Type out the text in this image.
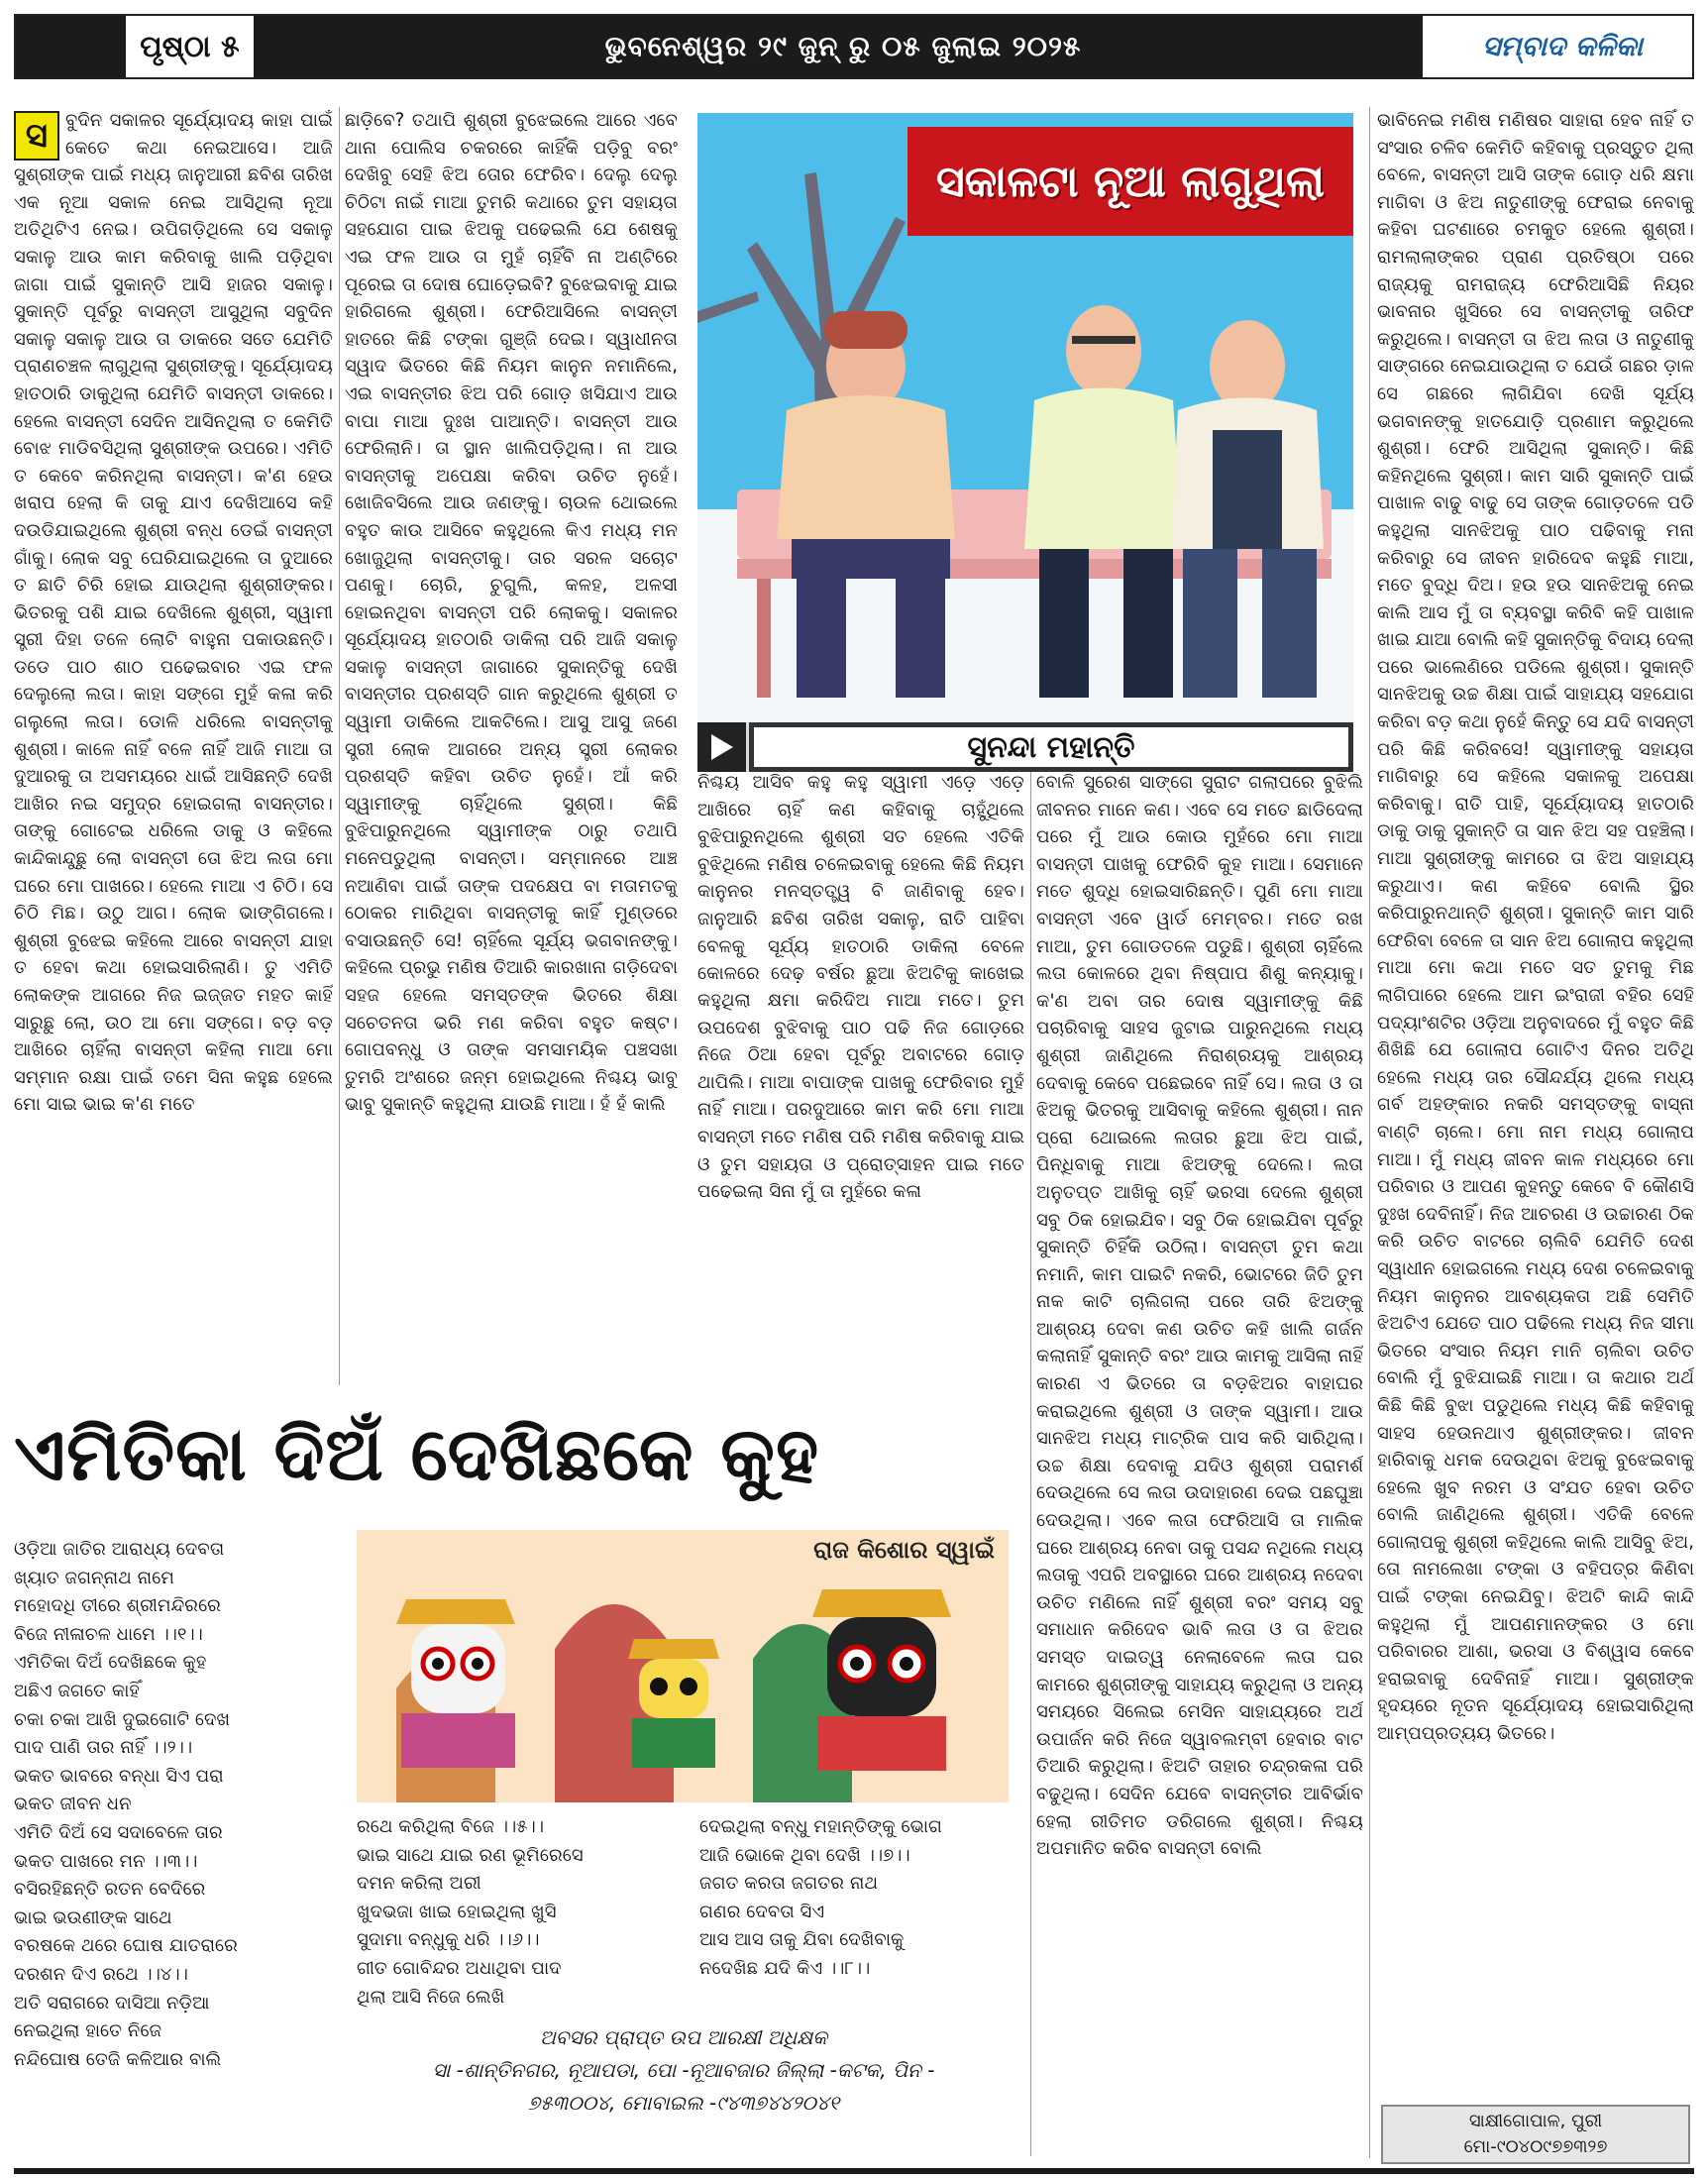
ପୃଷ୍ଠା ୫	ଭୁବନେଶ୍ୱର ୨୯ ଜୁନ୍ ରୁ ୦୫ ଜୁଲାଇ ୨୦୨୫	ସମ୍ବାଦ କଳିକା
ସ ବୁଦିନ ସକାଳର ସୂର୍ଯ୍ୟୋଦୟ କାହା ପାଇଁ କେତେ କଥା ନେଇଆସେ। ଆଜି ସୁଶ୍ରୀଙ୍କ ପାଇଁ ମଧ୍ୟ ଜାନୁଆରୀ ଛବିଶ ତାରିଖ ଏକ ନୂଆ ସକାଳ ନେଇ ଆସିଥିଲା ନୂଆ ଅତିଥିଟିଏ ନେଇ। ଉପିଗଡ଼ିଥିଲେ ସେ ସକାଳୁ ସକାଳୁ ଆଉ କାମ କରିବାକୁ ଖାଲି ପଡ଼ିଥିବା ଜାଗା ପାଇଁ ସୁକାନ୍ତି ଆସି ହାଜର ସକାଳୁ। ସୁକାନ୍ତି ପୂର୍ବରୁ ବାସନ୍ତୀ ଆସୁଥିଲା ସବୁଦିନ ସକାଳୁ ସକାଳୁ ଆଉ ତା ଡାକରେ ସତେ ଯେମିତି ପ୍ରାଣଚଞ୍ଚଳ ଲାଗୁଥିଲା ସୁଶ୍ରୀଙ୍କୁ। ସୂର୍ଯ୍ୟୋଦୟ ହାତଠାରି ଡାକୁଥିଲା ଯେମିତି ବାସନ୍ତୀ ଡାକରେ। ହେଲେ ବାସନ୍ତୀ ସେଦିନ ଆସିନଥିଲା ତ କେମିତି ବୋଝ ମାଡିବସିଥିଲା ସୁଶ୍ରୀଙ୍କ ଉପରେ। ଏମିତି ତ କେବେ କରିନଥିଲା ବାସନ୍ତୀ। କ'ଣ ହେଉ ଖରାପ ହେଲା କି ତାକୁ ଯାଏ ଦେଖିଆସେ କହି ଦଉଡିଯାଇଥିଲେ ଶୁଶ୍ରୀ ବନ୍ଧ ଡେଇଁ ବାସନ୍ତୀ ଗାଁକୁ। ଲୋକ ସବୁ ଘେରିଯାଇଥିଲେ ତା ଦୁଆରେ ତ ଛାତି ଚିରି ହୋଇ ଯାଉଥିଲା ଶୁଶ୍ରୀଙ୍କର। ଭିତରକୁ ପଶି ଯାଇ ଦେଖିଲେ ଶୁଶ୍ରୀ, ସ୍ୱାମୀ ସ୍ତ୍ରୀ ଦିହା ତଳେ ଲୋଟି ବାହୁନା ପକାଉଛନ୍ତି। ଡଡେ ପାଠ ଶାଠ ପଢେଇବାର ଏଇ ଫଳ ଦେଲୁଲୋ ଲତା। କାହା ସଙ୍ଗେ ମୁହଁ କଳା କରି ଗଲୁଲୋ ଲତା। ଡୋଳି ଧରିଲେ ବାସନ୍ତୀକୁ ଶୁଶ୍ରୀ। କାଳେ ନାହିଁ ବଳେ ନାହିଁ ଆଜି ମାଆ ତା ଦୁଆରକୁ ତା ଅସମୟରେ ଧାଇଁ ଆସିଛନ୍ତି ଦେଖି ଆଖିର ନଇ ସମୁଦ୍ର ହୋଇଗଲା ବାସନ୍ତୀର। ତାଙ୍କୁ ଗୋଟେଇ ଧରିଲେ ଡାକୁ ଓ କହିଲେ କାନ୍ଦିକାନ୍ଦୁଛୁ ଲୋ ବାସନ୍ତୀ ତୋ ଝିଅ ଲତା ମୋ ଘରେ ମୋ ପାଖରେ। ହେଲେ ମାଆ ଏ ଚିଠି। ସେ ଚିଠି ମିଛ। ଉଠୁ ଆଗ। ଲୋକ ଭାଙ୍ଗିଗଲେ। ଶୁଶ୍ରୀ ବୁଝେଇ କହିଲେ ଆରେ ବାସନ୍ତୀ ଯାହା ତ ହେବା କଥା ହୋଇସାରିଲାଣି। ତୁ ଏମିତି ଲୋକଙ୍କ ଆଗରେ ନିଜ ଇଜ୍ଜତ ମହତ କାହିଁ ସାରୁଛୁ ଲୋ, ଉଠ ଆ ମୋ ସଙ୍ଗେ। ବଡ଼ ବଡ଼ ଆଖିରେ ଚାହିଁଲା ବାସନ୍ତୀ କହିଲା ମାଆ ମୋ ସମ୍ମାନ ରକ୍ଷା ପାଇଁ ତମେ ସିନା କହୁଛ ହେଲେ ମୋ ସାଇ ଭାଇ କ'ଣ ମତେ
ଛାଡ଼ିବେ? ତଥାପି ଶୁଶ୍ରୀ ବୁଝେଇଲେ ଆରେ ଏବେ ଥାନା ପୋଲିସ ଚକରରେ କାହିଁକି ପଡ଼ିବୁ ବରଂ ଦେଖିବୁ ସେହି ଝିଅ ତୋର ଫେରିବ। ଦେଲୁ ଦେଲୁ ଚିଠିଟା ନାଇଁ ମାଆ ତୁମରି କଥାରେ ତୁମ ସହାୟତା ସହଯୋଗ ପାଇ ଝିଅକୁ ପଢେଇଲି ଯେ ଶେଷକୁ ଏଇ ଫଳ ଆଉ ତା ମୁହଁ ଚାହିଁବି ନା ଅଣ୍ଟିରେ ପୂରେଇ ତା ଦୋଷ ଘୋଡ଼େଇବି? ବୁଝେଇବାକୁ ଯାଇ ହାରିଗଲେ ଶୁଶ୍ରୀ। ଫେରିଆସିଲେ ବାସନ୍ତୀ ହାତରେ କିଛି ଟଙ୍କା ଗୁଞ୍ଜି ଦେଇ। ସ୍ୱାଧୀନତା ସ୍ୱାଦ ଭିତରେ କିଛି ନିୟମ କାନୁନ ନମାନିଲେ, ଏଇ ବାସନ୍ତୀର ଝିଅ ପରି ଗୋଡ଼ ଖସିଯାଏ ଆଉ ବାପା ମାଆ ଦୁଃଖ ପାଆନ୍ତି। ବାସନ୍ତୀ ଆଉ ଫେରିଲାନି। ତା ସ୍ଥାନ ଖାଲିପଡ଼ିଥିଲା। ନା ଆଉ ବାସନ୍ତୀକୁ ଅପେକ୍ଷା କରିବା ଉଚିତ ନୁହେଁ। ଖୋଜିବସିଲେ ଆଉ ଜଣଙ୍କୁ। ଚାଉଳ ଥୋଇଲେ ବହୁତ କାଉ ଆସିବେ କହୁଥିଲେ କିଏ ମଧ୍ୟ ମନ ଖୋଜୁଥିଲା ବାସନ୍ତୀକୁ। ତାର ସରଳ ସଚୋଟ ପଣକୁ। ଚୋରି, ଚୁଗୁଲି, କଳହ, ଅଳସୀ ହୋଇନଥିବା ବାସନ୍ତୀ ପରି ଲୋକକୁ। ସକାଳର ସୂର୍ଯ୍ୟୋଦୟ ହାତଠାରି ଡାକିଲା ପରି ଆଜି ସକାଳୁ ସକାଳୁ ବାସନ୍ତୀ ଜାଗାରେ ସୁକାନ୍ତିକୁ ଦେଖି ବାସନ୍ତୀର ପ୍ରଶସ୍ତି ଗାନ କରୁଥିଲେ ଶୁଶ୍ରୀ ତ ସ୍ୱାମୀ ଡାକିଲେ ଆକଟିଲେ। ଆସୁ ଆସୁ ଜଣେ ସ୍ତ୍ରୀ ଲୋକ ଆଗରେ ଅନ୍ୟ ସ୍ତ୍ରୀ ଲୋକର ପ୍ରଶସ୍ତି କହିବା ଉଚିତ ନୁହେଁ। ଆଁ କରି ସ୍ୱାମୀଙ୍କୁ ଚାହିଁଥିଲେ ସୁଶ୍ରୀ। କିଛି ବୁଝିପାରୁନଥିଲେ ସ୍ୱାମୀଙ୍କ ଠାରୁ ତଥାପି ମନେପଡୁଥିଲା ବାସନ୍ତୀ। ସମ୍ମାନରେ ଆଞ୍ଚ ନଆଣିବା ପାଇଁ ତାଙ୍କ ପଦକ୍ଷେପ ବା ମତାମତକୁ ଠୋକର ମାରିଥିବା ବାସନ୍ତୀକୁ କାହିଁ ମୁଣ୍ଡରେ ବସାଉଛନ୍ତି ସେ! ଚାହିଁଲେ ସୂର୍ଯ୍ୟ ଭଗବାନଙ୍କୁ। କହିଲେ ପ୍ରଭୁ ମଣିଷ ତିଆରି କାରଖାନା ଗଡ଼ିଦେବା ସହଜ ହେଲେ ସମସ୍ତଙ୍କ ଭିତରେ ଶିକ୍ଷା ସଚେତନତା ଭରି ମଣ କରିବା ବହୁତ କଷ୍ଟ। ଗୋପବନ୍ଧୁ ଓ ତାଙ୍କ ସମସାମୟିକ ପଞ୍ଚସଖା ତୁମରି ଅଂଶରେ ଜନ୍ମ ହୋଇଥିଲେ ନିଶ୍ଚୟ ଭାବୁ ଭାବୁ ସୁକାନ୍ତି କହୁଥିଲା ଯାଉଛି ମାଆ। ହଁ ହଁ କାଲି
ସକାଳଟା ନୂଆ ଲାଗୁଥିଲା
ସୁନନ୍ଦା ମହାନ୍ତି
ନିଶ୍ଚୟ ଆସିବ କହୁ କହୁ ସ୍ୱାମୀ ଏଡ଼େ ଏଡ଼େ ଆଖିରେ ଚାହିଁ କଣ କହିବାକୁ ଚାହୁଁଥିଲେ ବୁଝିପାରୁନଥିଲେ ଶୁଶ୍ରୀ ସତ ହେଲେ ଏତିକି ବୁଝିଥିଲେ ମଣିଷ ଚଳେଇବାକୁ ହେଲେ କିଛି ନିୟମ କାନୁନର ମନସ୍ତତ୍ତ୍ୱ ବି ଜାଣିବାକୁ ହେବ। ଜାନୁଆରି ଛବିଶ ତାରିଖ ସକାଳୁ, ରାତି ପାହିବା ବେଳକୁ ସୂର୍ଯ୍ୟ ହାତଠାରି ଡାକିଲା ବେଳେ କୋଳରେ ଦେଢ଼ ବର୍ଷର ଛୁଆ ଝିଅଟିକୁ କାଖେଇ
କହୁଥିଲା କ୍ଷମା କରିଦିଅ ମାଆ ମତେ। ତୁମ ଉପଦେଶ ବୁଝିବାକୁ ପାଠ ପଢି ନିଜ ଗୋଡ଼ରେ ନିଜେ ଠିଆ ହେବା ପୂର୍ବରୁ ଅବାଟରେ ଗୋଡ଼ ଥାପିଲି। ମାଆ ବାପାଙ୍କ ପାଖକୁ ଫେରିବାର ମୁହଁ ନାହିଁ ମାଆ। ପରଦୁଆରେ କାମ କରି ମୋ ମାଆ ବାସନ୍ତୀ ମତେ ମଣିଷ ପରି ମଣିଷ କରିବାକୁ ଯାଇ ଓ ତୁମ ସହାୟତା ଓ ପ୍ରୋତ୍ସାହନ ପାଇ ମତେ ପଢେଇଲା ସିନା ମୁଁ ତା ମୁହଁରେ କଳା
ବୋଳି ସୁରେଶ ସାଙ୍ଗେ ସୁରାଟ ଗଲାପରେ ବୁଝିଲି ଜୀବନର ମାନେ କଣ। ଏବେ ସେ ମତେ ଛାଡିଦେଲା ପରେ ମୁଁ ଆଉ କୋଉ ମୁହଁରେ ମୋ ମାଆ ବାସନ୍ତୀ ପାଖକୁ ଫେରିବି କୁହ ମାଆ। ସେମାନେ ମତେ ଶୁଦ୍ଧି ହୋଇସାରିଛନ୍ତି। ପୁଣି ମୋ ମାଆ ବାସନ୍ତୀ ଏବେ ୱାର୍ଡ ମେମ୍ବର। ମତେ ରଖ ମାଆ, ତୁମ ଗୋଡତଳେ ପଡୁଛି। ଶୁଶ୍ରୀ ଚାହିଁଲେ ଲତା କୋଳରେ ଥିବା ନିଷ୍ପାପ ଶିଶୁ କନ୍ୟାକୁ। କ'ଣ ଅବା ତାର ଦୋଷ ସ୍ୱାମୀଙ୍କୁ କିଛି ପଚାରିବାକୁ ସାହସ ଜୁଟାଇ ପାରୁନଥିଲେ ମଧ୍ୟ ଶୁଶ୍ରୀ ଜାଣିଥିଲେ ନିରାଶ୍ରୟକୁ ଆଶ୍ରୟ ଦେବାକୁ କେବେ ପଛେଇବେ ନାହିଁ ସେ। ଲତା ଓ ତା ଝିଅକୁ ଭିତରକୁ ଆସିବାକୁ କହିଲେ ଶୁଶ୍ରୀ। ନାନ ପ୍ରୋ ଥୋଇଲେ ଲତାର ଛୁଆ ଝିଅ ପାଇଁ, ପିନ୍ଧିବାକୁ ମାଆ ଝିଅଙ୍କୁ ଦେଲେ। ଲତା ଅନୁତପ୍ତ ଆଖିକୁ ଚାହିଁ ଭରସା ଦେଲେ ଶୁଶ୍ରୀ ସବୁ ଠିକ ହୋଇଯିବ। ସବୁ ଠିକ ହୋଇଯିବା ପୂର୍ବରୁ ସୁକାନ୍ତି ଚିହିଁକି ଉଠିଲା। ବାସନ୍ତୀ ତୁମ କଥା ନମାନି, କାମ ପାଇଟି ନକରି, ଭୋଟରେ ଜିତି ତୁମ ନାକ କାଟି ଚାଲିଗଲା ପରେ ତାରି ଝିଅଙ୍କୁ ଆଶ୍ରୟ ଦେବା କଣ ଉଚିତ କହି ଖାଲି ଗର୍ଜନ କଲାନାହିଁ ସୁକାନ୍ତି ବରଂ ଆଉ କାମକୁ ଆସିଲା ନାହିଁ କାରଣ ଏ ଭିତରେ ତା ବଡ଼ଝିଅର ବାହାଘର କରାଇଥିଲେ ଶୁଶ୍ରୀ ଓ ତାଙ୍କ ସ୍ୱାମୀ। ଆଉ ସାନଝିଅ ମଧ୍ୟ ମାଟ୍ରିକ ପାସ କରି ସାରିଥିଲା। ଉଚ୍ଚ ଶିକ୍ଷା ଦେବାକୁ ଯଦିଓ ଶୁଶ୍ରୀ ପରାମର୍ଶ ଦେଉଥିଲେ ସେ ଲତା ଉଦାହାରଣ ଦେଇ ପଛଘୁଞ୍ଚା ଦେଉଥିଲା। ଏବେ ଲତା ଫେରିଆସି ତା ମାଲିକ ଘରେ ଆଶ୍ରୟ ନେବା ତାକୁ ପସନ୍ଦ ନଥିଲେ ମଧ୍ୟ ଲତାକୁ ଏପରି ଅବସ୍ଥାରେ ଘରେ ଆଶ୍ରୟ ନଦେବା ଉଚିତ ମଣିଲେ ନାହିଁ ଶୁଶ୍ରୀ ବରଂ ସମୟ ସବୁ ସମାଧାନ କରିଦେବ ଭାବି ଲତା ଓ ତା ଝିଅର ସମସ୍ତ ଦାଇତ୍ୱ ନେଲାବେଳେ ଲତା ଘର କାମରେ ଶୁଶ୍ରୀଙ୍କୁ ସାହାଯ୍ୟ କରୁଥିଲା ଓ ଅନ୍ୟ ସମୟରେ ସିଲେଇ ମେସିନ ସାହାଯ୍ୟରେ ଅର୍ଥ ଉପାର୍ଜନ କରି ନିଜେ ସ୍ୱାବଲମ୍ବୀ ହେବାର ବାଟ ତିଆରି କରୁଥିଲା। ଝିଅଟି ତାହାର ଚନ୍ଦ୍ରକଳା ପରି ବଢୁଥିଲା। ସେଦିନ ଯେବେ ବାସନ୍ତୀର ଆବିର୍ଭାବ ହେଲା ରୀତିମତ ଡରିଗଲେ ଶୁଶ୍ରୀ। ନିଶ୍ଚୟ ଅପମାନିତ କରିବ ବାସନ୍ତୀ ବୋଲି
ଭାବିନେଇ ମଣିଷ ମଣିଷର ସାହାରା ହେବ ନାହିଁ ତ ସଂସାର ଚଳିବ କେମିତି କହିବାକୁ ପ୍ରସ୍ତୁତ ଥିଲା ବେଳେ, ବାସନ୍ତୀ ଆସି ତାଙ୍କ ଗୋଡ଼ ଧରି କ୍ଷମା ମାଗିବା ଓ ଝିଅ ନାତୁଣୀଙ୍କୁ ଫେରାଇ ନେବାକୁ କହିବା ଘଟଣାରେ ଚମକୁତ ହେଲେ ଶୁଶ୍ରୀ। ରାମଲାଲାଙ୍କର ପ୍ରାଣ ପ୍ରତିଷ୍ଠା ପରେ ରାଜ୍ୟକୁ ରାମରାଜ୍ୟ ଫେରିଆସିଛି ନିୟର ଭାବନାର ଖୁସିରେ ସେ ବାସନ୍ତୀକୁ ତାରିଫ କରୁଥିଲେ। ବାସନ୍ତୀ ତା ଝିଅ ଲତା ଓ ନାତୁଣୀକୁ ସାଙ୍ଗରେ ନେଇଯାଉଥିଲା ତ ଯେଉଁ ଗଛର ଡ଼ାଳ ସେ ଗଛରେ ଲାଗିଯିବା ଦେଖି ସୂର୍ଯ୍ୟ ଭଗବାନଙ୍କୁ ହାତଯୋଡ଼ି ପ୍ରଣାମ କରୁଥିଲେ ଶୁଶ୍ରୀ। ଫେରି ଆସିଥିଲା ସୁକାନ୍ତି। କିଛି କହିନଥିଲେ ସୁଶ୍ରୀ। କାମ ସାରି ସୁକାନ୍ତି ପାଇଁ ପାଖାଳ ବାଢୁ ବାଢୁ ସେ ତାଙ୍କ ଗୋଡ଼ତଳେ ପଡି କହୁଥିଲା ସାନଝିଅକୁ ପାଠ ପଢିବାକୁ ମନା କରିବାରୁ ସେ ଜୀବନ ହାରିଦେବ କହୁଛି ମାଆ, ମତେ ବୁଦ୍ଧି ଦିଅ। ହଉ ହଉ ସାନଝିଅକୁ ନେଇ କାଲି ଆସ ମୁଁ ତା ବ୍ୟବସ୍ଥା କରିବି କହି ପାଖାଳ ଖାଇ ଯାଆ ବୋଲି କହି ସୁକାନ୍ତିକୁ ବିଦାୟ ଦେଲା ପରେ ଭାଲେଣିରେ ପଡିଲେ ଶୁଶ୍ରୀ। ସୁକାନ୍ତି ସାନଝିଅକୁ ଉଚ୍ଚ ଶିକ୍ଷା ପାଇଁ ସାହାଯ୍ୟ ସହଯୋଗ କରିବା ବଡ଼ କଥା ନୁହେଁ କିନ୍ତୁ ସେ ଯଦି ବାସନ୍ତୀ ପରି କିଛି କରିବସେ! ସ୍ୱାମୀଙ୍କୁ ସହାୟତା ମାଗିବାରୁ ସେ କହିଲେ ସକାଳକୁ ଅପେକ୍ଷା କରିବାକୁ। ରାତି ପାହି, ସୂର୍ଯ୍ୟୋଦୟ ହାତଠାରି ଡାକୁ ଡାକୁ ସୁକାନ୍ତି ତା ସାନ ଝିଅ ସହ ପହଞ୍ଚିଲା। ମାଆ ସୁଶ୍ରୀଙ୍କୁ କାମରେ ତା ଝିଅ ସାହାଯ୍ୟ କରୁଥାଏ। କଣ କହିବେ ବୋଲି ସ୍ଥିର କରିପାରୁନଥାନ୍ତି ଶୁଶ୍ରୀ। ସୁକାନ୍ତି କାମ ସାରି ଫେରିବା ବେଳେ ତା ସାନ ଝିଅ ଗୋଲାପ କହୁଥିଲା ମାଆ ମୋ କଥା ମତେ ସତ ତୁମକୁ ମିଛ ଲାଗିପାରେ ହେଲେ ଆମ ଇଂରାଜୀ ବହିର ସେହି ପଦ୍ୟାଂଶଟିର ଓଡ଼ିଆ ଅନୁବାଦରେ ମୁଁ ବହୁତ କିଛି ଶିଖିଛି ଯେ ଗୋଲାପ ଗୋଟିଏ ଦିନର ଅତିଥି ହେଲେ ମଧ୍ୟ ତାର ସୌନ୍ଦର୍ଯ୍ୟ ଥିଲେ ମଧ୍ୟ ଗର୍ବ ଅହଙ୍କାର ନକରି ସମସ୍ତଙ୍କୁ ବାସ୍ନା ବାଣ୍ଟି ଚାଲେ। ମୋ ନାମ ମଧ୍ୟ ଗୋଲାପ ମାଆ। ମୁଁ ମଧ୍ୟ ଜୀବନ କାଳ ମଧ୍ୟରେ ମୋ ପରିବାର ଓ ଆପଣ କୁହନ୍ତୁ କେବେ ବି କୌଣସି ଦୁଃଖ ଦେବିନାହିଁ। ନିଜ ଆଚରଣ ଓ ଉଚ୍ଚାରଣ ଠିକ କରି ଉଚିତ ବାଟରେ ଚାଲିବି ଯେମିତି ଦେଶ ସ୍ୱାଧୀନ ହୋଇଗଲେ ମଧ୍ୟ ଦେଶ ଚଳେଇବାକୁ ନିୟମ କାନୁନର ଆବଶ୍ୟକତା ଅଛି ସେମିତି ଝିଅଟିଏ ଯେତେ ପାଠ ପଢିଲେ ମଧ୍ୟ ନିଜ ସୀମା ଭିତରେ ସଂସାର ନିୟମ ମାନି ଚାଲିବା ଉଚିତ ବୋଲି ମୁଁ ବୁଝିଯାଇଛି ମାଆ। ତା କଥାର ଅର୍ଥ କିଛି କିଛି ବୁଝା ପଡୁଥିଲେ ମଧ୍ୟ କିଛି କହିବାକୁ ସାହସ ହେଉନଥାଏ ଶୁଶ୍ରୀଙ୍କର। ଜୀବନ ହାରିବାକୁ ଧମକ ଦେଉଥିବା ଝିଅକୁ ବୁଝେଇବାକୁ ହେଲେ ଖୁବ ନରମ ଓ ସଂଯତ ହେବା ଉଚିତ ବୋଲି ଜାଣିଥିଲେ ଶୁଶ୍ରୀ। ଏତିକି ବେଳେ ଗୋଲାପକୁ ଶୁଶ୍ରୀ କହିଥିଲେ କାଲି ଆସିବୁ ଝିଅ, ତୋ ନାମଲେଖା ଟଙ୍କା ଓ ବହିପତ୍ର କିଣିବା ପାଇଁ ଟଙ୍କା ନେଇଯିବୁ। ଝିଅଟି କାନ୍ଦି କାନ୍ଦି କହୁଥିଲା ମୁଁ ଆପଣମାନଙ୍କର ଓ ମୋ ପରିବାରର ଆଶା, ଭରସା ଓ ବିଶ୍ୱାସ କେବେ ହରାଇବାକୁ ଦେବିନାହିଁ ମାଆ। ସୁଶ୍ରୀଙ୍କ ହୃଦୟରେ ନୂତନ ସୂର୍ଯ୍ୟୋଦୟ ହୋଇସାରିଥିଲା ଆମ୍ପପ୍ରତ୍ୟୟ ଭିତରେ।
ସାକ୍ଷୀଗୋପାଳ, ପୁରୀ
ମୋ-୯୦୪୦୯୭୭୩୨୭
ଏମିତିକା ଦିଅଁ ଦେଖିଛକେ କୁହ
ଓଡ଼ିଆ ଜାତିର ଆରାଧ୍ୟ ଦେବତା
ଖ୍ୟାତ ଜଗନ୍ନାଥ ନାମେ
ମହୋଦଧି ତୀରେ ଶ୍ରୀମନ୍ଦିରରେ
ବିଜେ ନୀଳାଚଳ ଧାମେ ।।୧।।
ଏମିତିକା ଦିଅଁ ଦେଖିଛକେ କୁହ
ଅଛିଏ ଜଗତେ କାହିଁ
ଚକା ଚକା ଆଖି ଦୁଇଗୋଟି ଦେଖ
ପାଦ ପାଣି ତାର ନାହିଁ ।।୨।।
ଭକତ ଭାବରେ ବନ୍ଧା ସିଏ ପରା
ଭକତ ଜୀବନ ଧନ
ଏମିତି ଦିଅଁ ସେ ସଦାବେଳେ ତାର
ଭକତ ପାଖରେ ମନ ।।୩।।
ବସିରହିଛନ୍ତି ରତନ ବେଦିରେ
ଭାଇ ଭଉଣୀଙ୍କ ସାଥେ
ବରଷକେ ଥରେ ଘୋଷ ଯାତରାରେ
ଦରଶନ ଦିଏ ରଥେ ।।୪।।
ଅତି ସରାଗରେ ଦାସିଆ ନଡ଼ିଆ
ନେଇଥିଲା ହାତେ ନିଜେ
ନନ୍ଦିଘୋଷ ତେଜି କଳିଆର ବାଲି
ରାଜ କିଶୋର ସ୍ୱାଇଁ
ରଥେ କରିଥିଲା ବିଜେ ।।୫।।
ଭାଇ ସାଥେ ଯାଇ ରଣ ଭୂମିରେସେ
ଦମନ କରିଲା ଅରୀ
ଖୁଦଭଜା ଖାଇ ହୋଇଥିଲା ଖୁସି
ସୁଦାମା ବନ୍ଧୁକୁ ଧରି ।।୬।।
ଗୀତ ଗୋବିନ୍ଦର ଅଧାଥିବା ପାଦ
ଥିଲା ଆସି ନିଜେ ଲେଖି
ଦେଇଥିଲା ବନ୍ଧୁ ମହାନ୍ତିଙ୍କୁ ଭୋଗ
ଆଜି ଭୋକେ ଥିବା ଦେଖି ।।୭।।
ଜଗତ କରତା ଜଗତର ନାଥ
ଗଣର ଦେବତା ସିଏ
ଆସ ଆସ ତାକୁ ଯିବା ଦେଖିବାକୁ
ନଦେଖିଛ ଯଦି କିଏ ।।୮।।
ଅବସର ପ୍ରାପ୍ତ ଉପ ଆରକ୍ଷୀ ଅଧିକ୍ଷକ
ସା -ଶାନ୍ତିନଗର, ନୂଆପଡା, ପୋ -ନୂଆବଜାର ଜିଲ୍ଲା -କଟକ, ପିନ -
୭୫୩୦୦୪, ମୋବାଇଲ -୯୪୩୭୪୪୨୦୪୧
